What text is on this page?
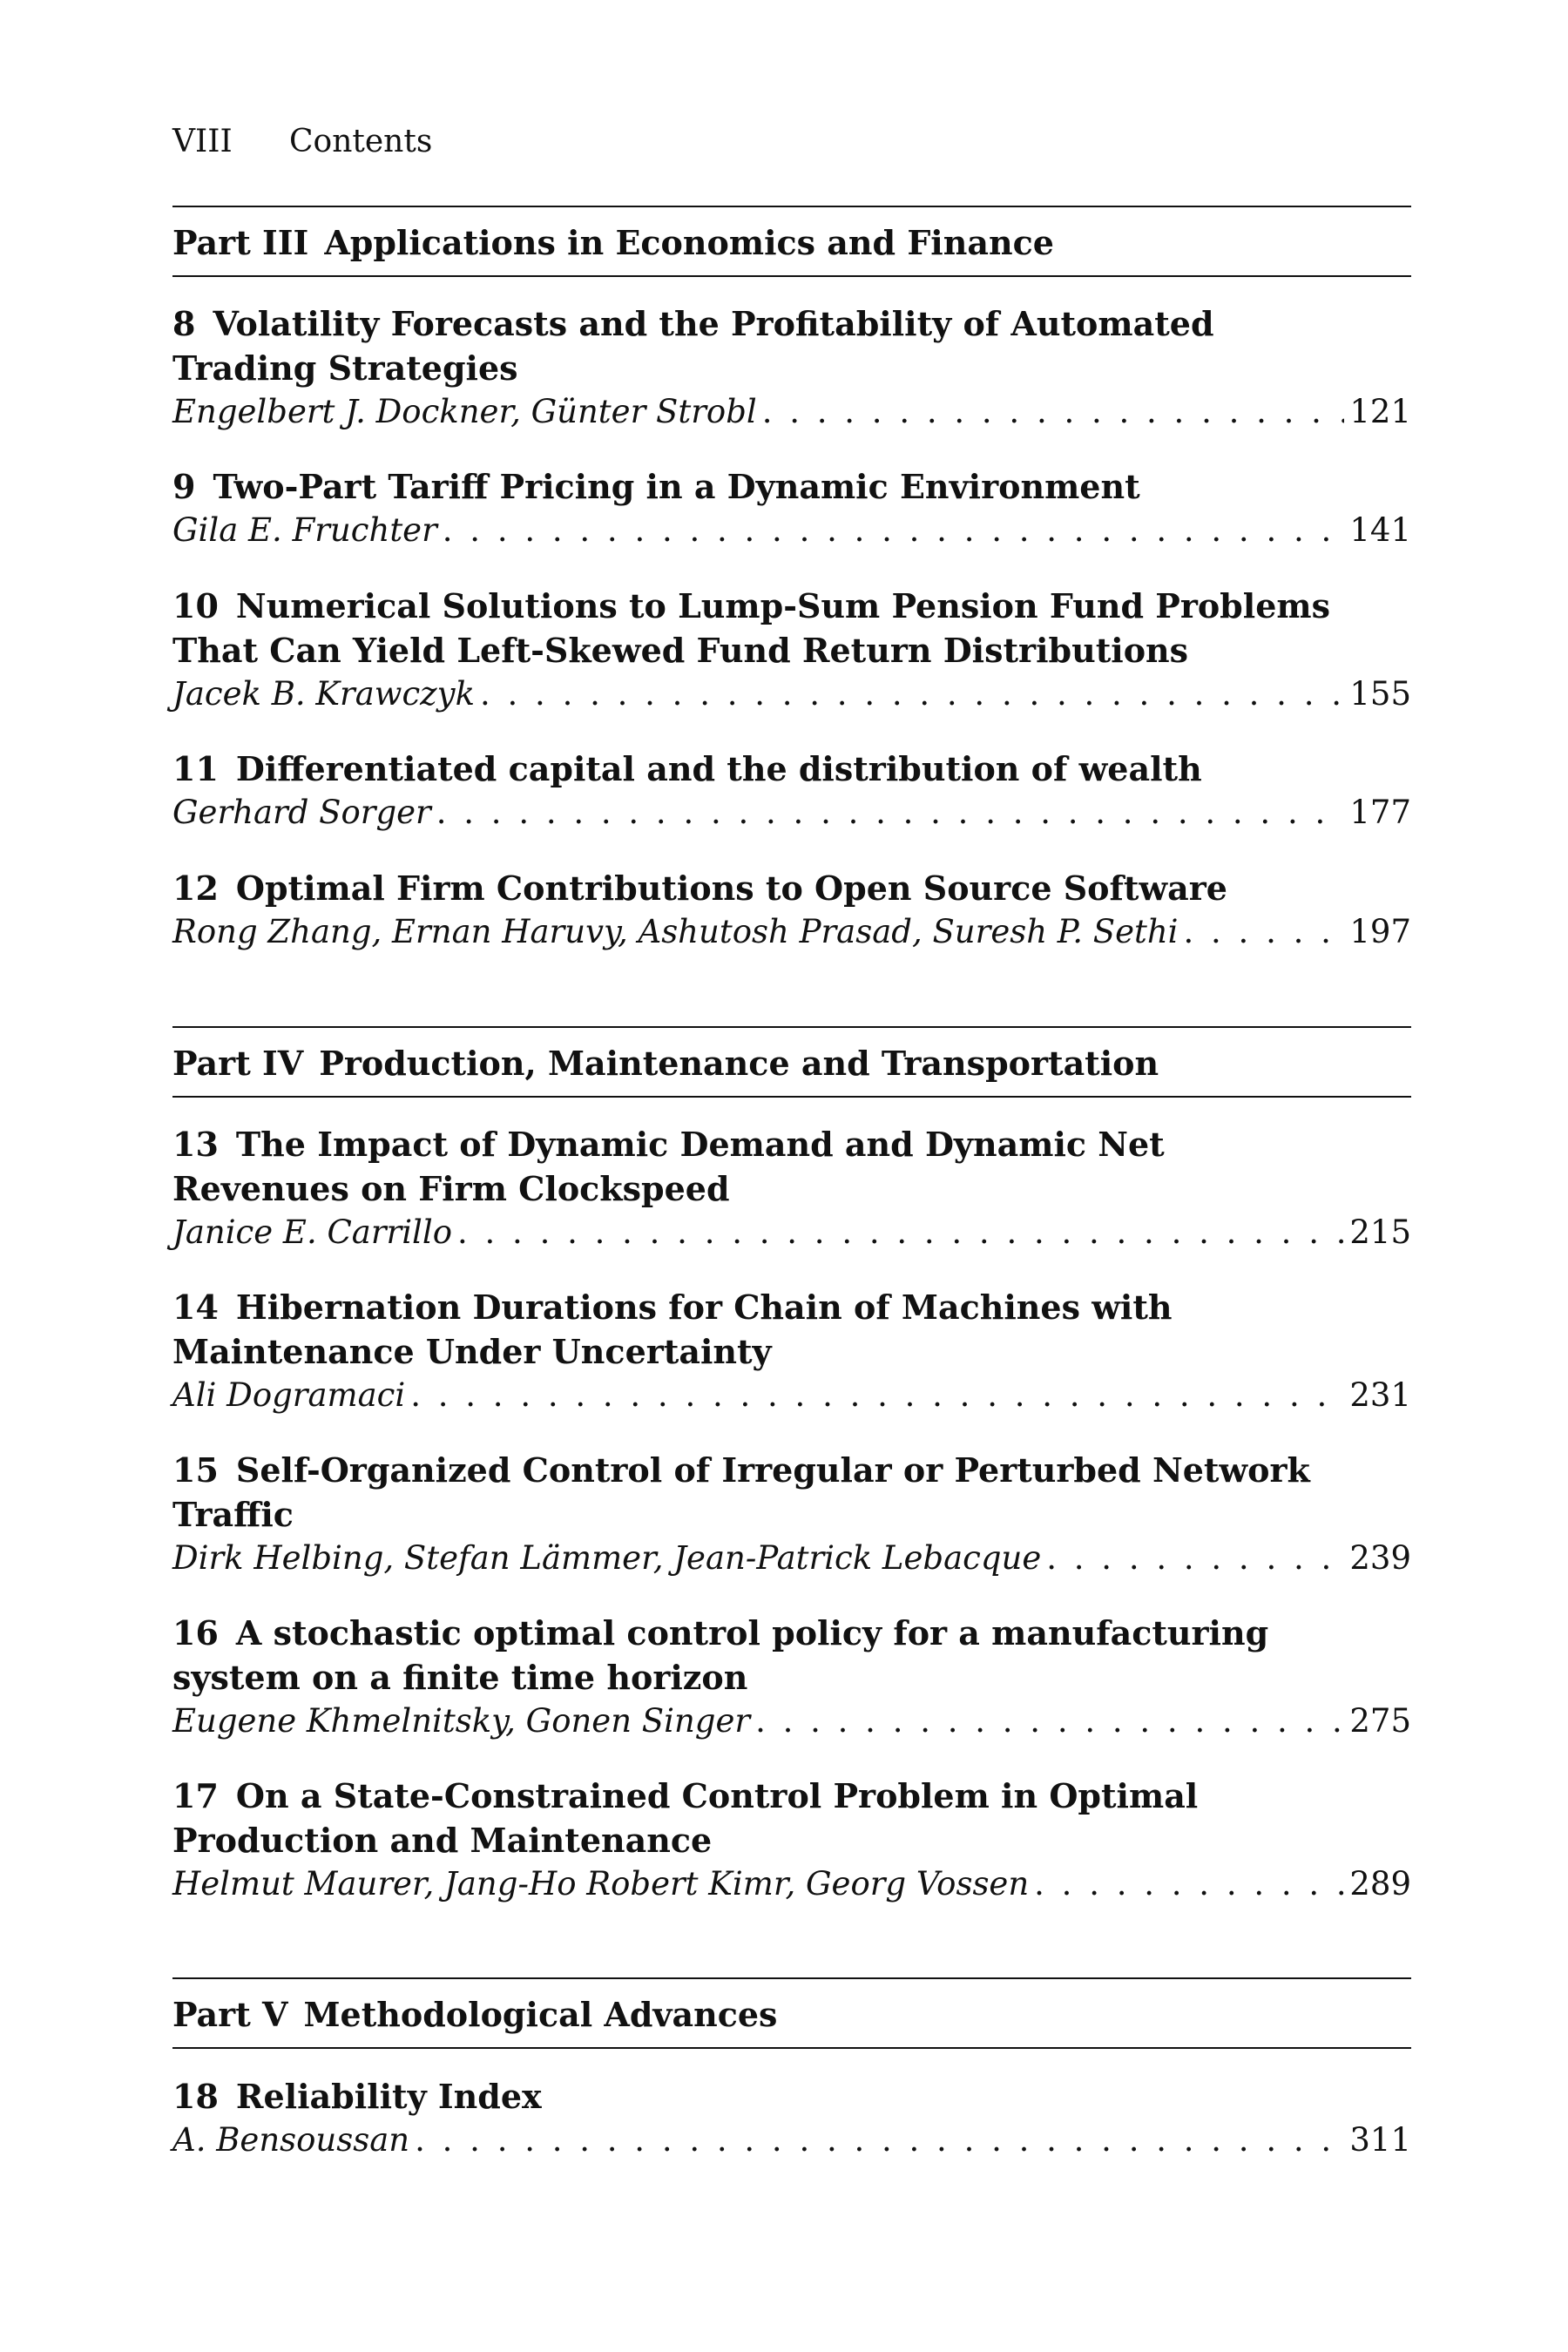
VIII Contents
Part III Applications in Economics and Finance
8 Volatility Forecasts and the Profitability of Automated
Trading Strategies
Engelbert J. Dockner, Günter Strobl . . .	121
9 Two-Part Tariff Pricing in a Dynamic Environment
Gila E. Fruchter . . .	141
10 Numerical Solutions to Lump-Sum Pension Fund Problems
That Can Yield Left-Skewed Fund Return Distributions
Jacek B. Krawczyk . . .	155
11 Differentiated capital and the distribution of wealth
Gerhard Sorger . . .	177
12 Optimal Firm Contributions to Open Source Software
Rong Zhang, Ernan Haruvy, Ashutosh Prasad, Suresh P. Sethi . . .	197
Part IV Production, Maintenance and Transportation
13 The Impact of Dynamic Demand and Dynamic Net
Revenues on Firm Clockspeed
Janice E. Carrillo . . .	215
14 Hibernation Durations for Chain of Machines with
Maintenance Under Uncertainty
Ali Dogramaci . . .	231
15 Self-Organized Control of Irregular or Perturbed Network
Traffic
Dirk Helbing, Stefan Lämmer, Jean-Patrick Lebacque . . .	239
16 A stochastic optimal control policy for a manufacturing
system on a finite time horizon
Eugene Khmelnitsky, Gonen Singer . . .	275
17 On a State-Constrained Control Problem in Optimal
Production and Maintenance
Helmut Maurer, Jang-Ho Robert Kimr, Georg Vossen . . .	289
Part V Methodological Advances
18 Reliability Index
A. Bensoussan . . .	311
